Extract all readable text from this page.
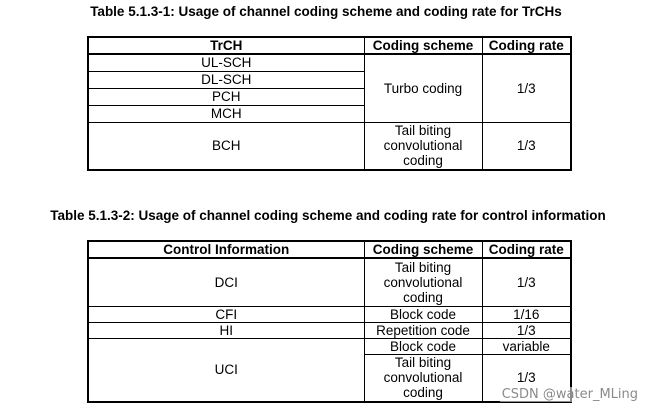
Table 5.1.3-1: Usage of channel coding scheme and coding rate for TrCHs
TrCH	Coding scheme	Coding rate
UL-SCH	Turbo coding	1/3
DL-SCH		
PCH		
MCH		
BCH	Tail biting
convolutional
coding	1/3
Table 5.1.3-2: Usage of channel coding scheme and coding rate for control information
Control Information	Coding scheme	Coding rate
DCI	Tail biting
convolutional
coding	1/3
CFI	Block code	1/16
HI	Repetition code	1/3
UCI	Block code	variable

	Tail biting
convolutional
coding	1/3
CSDN @water_MLing
